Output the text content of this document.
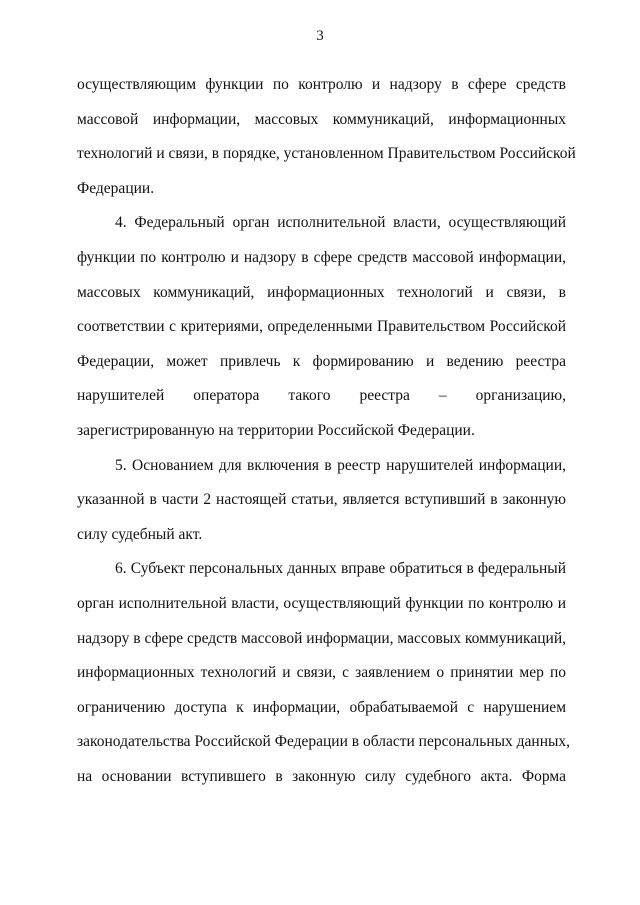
3
осуществляющим функции по контролю и надзору в сфере средств
массовой информации, массовых коммуникаций, информационных
технологий и связи, в порядке, установленном Правительством Российской
Федерации.
4. Федеральный орган исполнительной власти, осуществляющий
функции по контролю и надзору в сфере средств массовой информации,
массовых коммуникаций, информационных технологий и связи, в
соответствии с критериями, определенными Правительством Российской
Федерации, может привлечь к формированию и ведению реестра
нарушителей оператора такого реестра – организацию,
зарегистрированную на территории Российской Федерации.
5. Основанием для включения в реестр нарушителей информации,
указанной в части 2 настоящей статьи, является вступивший в законную
силу судебный акт.
6. Субъект персональных данных вправе обратиться в федеральный
орган исполнительной власти, осуществляющий функции по контролю и
надзору в сфере средств массовой информации, массовых коммуникаций,
информационных технологий и связи, с заявлением о принятии мер по
ограничению доступа к информации, обрабатываемой с нарушением
законодательства Российской Федерации в области персональных данных,
на основании вступившего в законную силу судебного акта. Форма
